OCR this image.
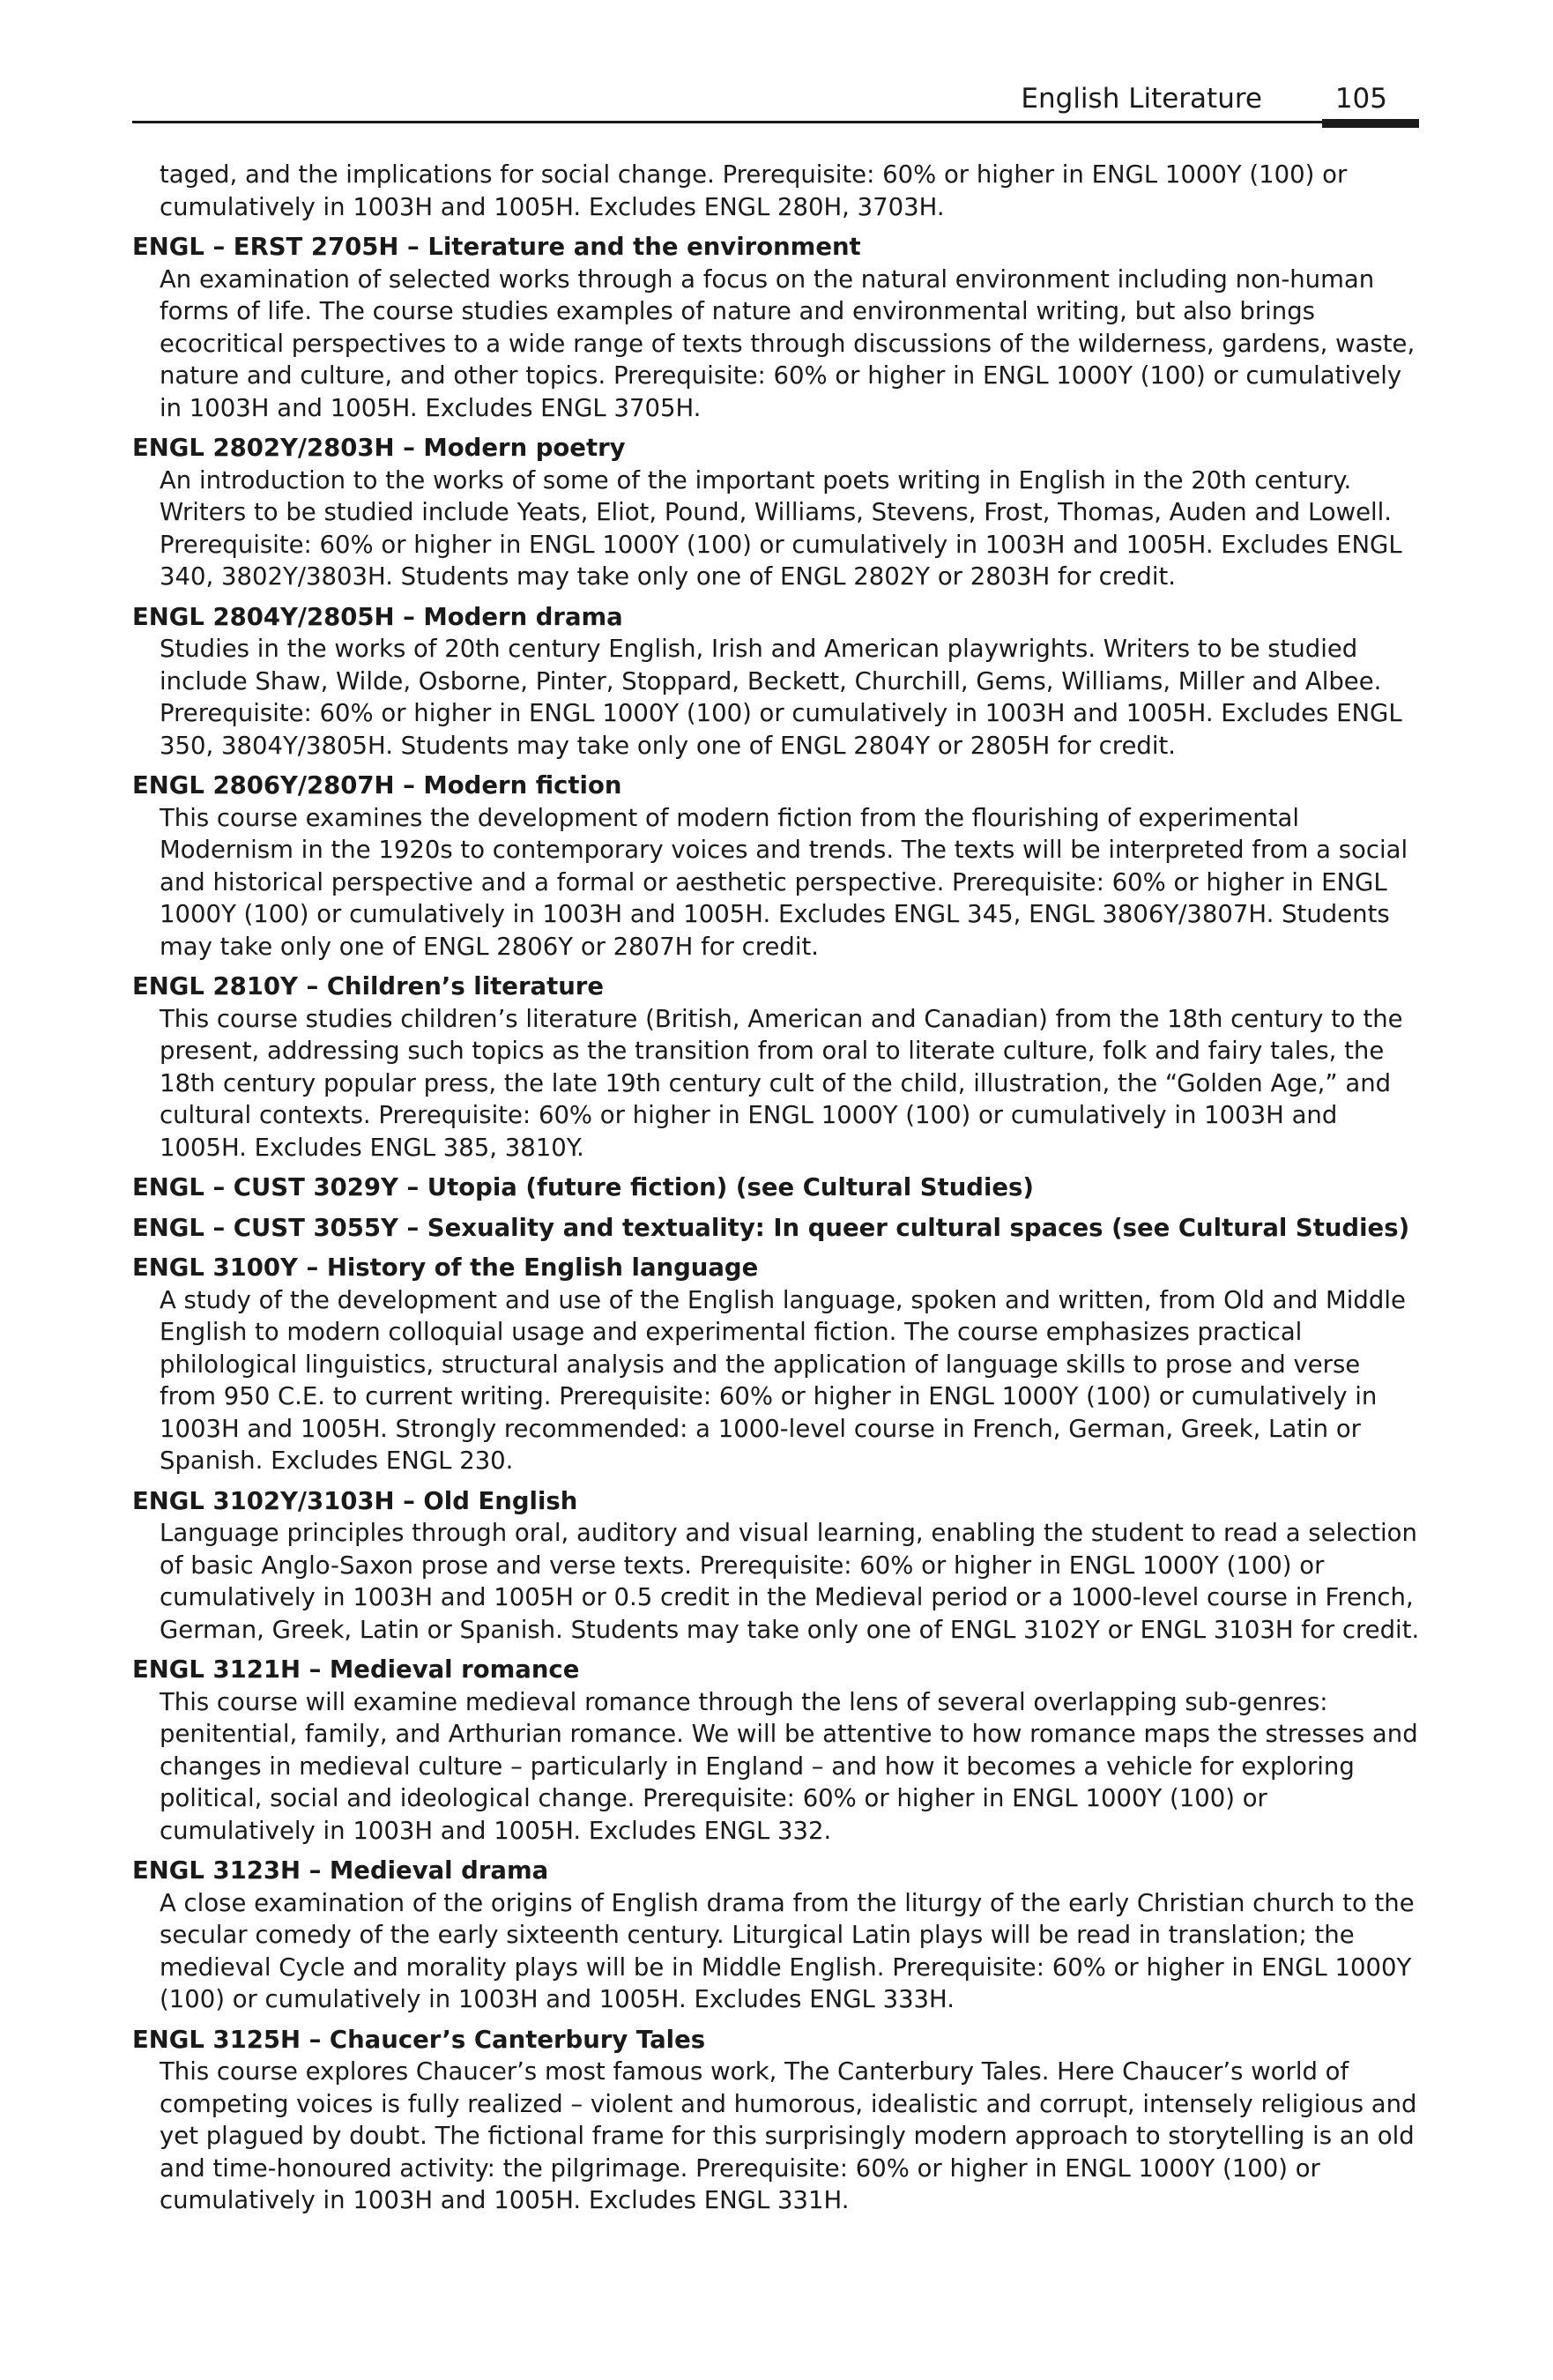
English Literature	105

taged, and the implications for social change. Prerequisite: 60% or higher in ENGL 1000Y (100) or cumulatively in 1003H and 1005H. Excludes ENGL 280H, 3703H.

ENGL – ERST 2705H – Literature and the environment

An examination of selected works through a focus on the natural environment including non-human forms of life. The course studies examples of nature and environmental writing, but also brings ecocritical perspectives to a wide range of texts through discussions of the wilderness, gardens, waste, nature and culture, and other topics. Prerequisite: 60% or higher in ENGL 1000Y (100) or cumulatively in 1003H and 1005H. Excludes ENGL 3705H.

ENGL 2802Y/2803H – Modern poetry

An introduction to the works of some of the important poets writing in English in the 20th century. Writers to be studied include Yeats, Eliot, Pound, Williams, Stevens, Frost, Thomas, Auden and Lowell. Prerequisite: 60% or higher in ENGL 1000Y (100) or cumulatively in 1003H and 1005H. Excludes ENGL 340, 3802Y/3803H. Students may take only one of ENGL 2802Y or 2803H for credit.

ENGL 2804Y/2805H – Modern drama

Studies in the works of 20th century English, Irish and American playwrights. Writers to be studied include Shaw, Wilde, Osborne, Pinter, Stoppard, Beckett, Churchill, Gems, Williams, Miller and Albee. Prerequisite: 60% or higher in ENGL 1000Y (100) or cumulatively in 1003H and 1005H. Excludes ENGL 350, 3804Y/3805H. Students may take only one of ENGL 2804Y or 2805H for credit.

ENGL 2806Y/2807H – Modern fiction

This course examines the development of modern fiction from the flourishing of experimental Modernism in the 1920s to contemporary voices and trends. The texts will be interpreted from a social and historical perspective and a formal or aesthetic perspective. Prerequisite: 60% or higher in ENGL 1000Y (100) or cumulatively in 1003H and 1005H. Excludes ENGL 345, ENGL 3806Y/3807H. Students may take only one of ENGL 2806Y or 2807H for credit.

ENGL 2810Y – Children’s literature

This course studies children’s literature (British, American and Canadian) from the 18th century to the present, addressing such topics as the transition from oral to literate culture, folk and fairy tales, the 18th century popular press, the late 19th century cult of the child, illustration, the “Golden Age,” and cultural contexts. Prerequisite: 60% or higher in ENGL 1000Y (100) or cumulatively in 1003H and 1005H. Excludes ENGL 385, 3810Y.

ENGL – CUST 3029Y – Utopia (future fiction) (see Cultural Studies)

ENGL – CUST 3055Y – Sexuality and textuality: In queer cultural spaces (see Cultural Studies)

ENGL 3100Y – History of the English language

A study of the development and use of the English language, spoken and written, from Old and Middle English to modern colloquial usage and experimental fiction. The course emphasizes practical philological linguistics, structural analysis and the application of language skills to prose and verse from 950 C.E. to current writing. Prerequisite: 60% or higher in ENGL 1000Y (100) or cumulatively in 1003H and 1005H. Strongly recommended: a 1000-level course in French, German, Greek, Latin or Spanish. Excludes ENGL 230.

ENGL 3102Y/3103H – Old English

Language principles through oral, auditory and visual learning, enabling the student to read a selection of basic Anglo-Saxon prose and verse texts. Prerequisite: 60% or higher in ENGL 1000Y (100) or cumulatively in 1003H and 1005H or 0.5 credit in the Medieval period or a 1000-level course in French, German, Greek, Latin or Spanish. Students may take only one of ENGL 3102Y or ENGL 3103H for credit.

ENGL 3121H – Medieval romance

This course will examine medieval romance through the lens of several overlapping sub-genres: penitential, family, and Arthurian romance. We will be attentive to how romance maps the stresses and changes in medieval culture – particularly in England – and how it becomes a vehicle for exploring political, social and ideological change. Prerequisite: 60% or higher in ENGL 1000Y (100) or cumulatively in 1003H and 1005H. Excludes ENGL 332.

ENGL 3123H – Medieval drama

A close examination of the origins of English drama from the liturgy of the early Christian church to the secular comedy of the early sixteenth century. Liturgical Latin plays will be read in translation; the medieval Cycle and morality plays will be in Middle English. Prerequisite: 60% or higher in ENGL 1000Y (100) or cumulatively in 1003H and 1005H. Excludes ENGL 333H.

ENGL 3125H – Chaucer’s Canterbury Tales

This course explores Chaucer’s most famous work, The Canterbury Tales. Here Chaucer’s world of competing voices is fully realized – violent and humorous, idealistic and corrupt, intensely religious and yet plagued by doubt. The fictional frame for this surprisingly modern approach to storytelling is an old and time-honoured activity: the pilgrimage. Prerequisite: 60% or higher in ENGL 1000Y (100) or cumulatively in 1003H and 1005H. Excludes ENGL 331H.
